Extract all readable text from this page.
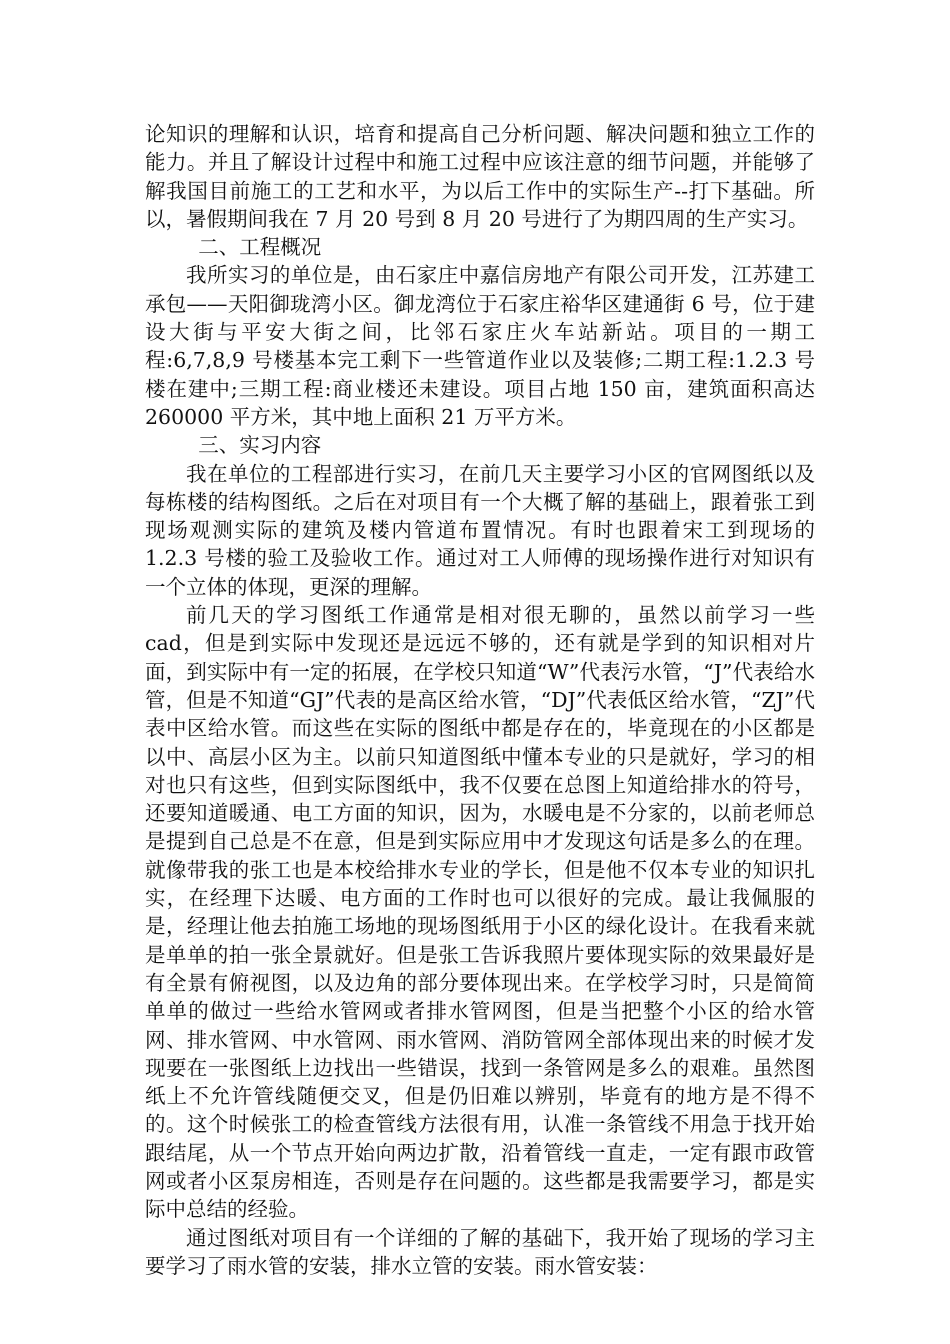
论知识的理解和认识，培育和提高自己分析问题、解决问题和独立工作的能力。并且了解设计过程中和施工过程中应该注意的细节问题，并能够了解我国目前施工的工艺和水平，为以后工作中的实际生产--打下基础。所以，暑假期间我在 7 月 20 号到 8 月 20 号进行了为期四周的生产实习。

二、工程概况

我所实习的单位是，由石家庄中嘉信房地产有限公司开发，江苏建工承包——天阳御珑湾小区。御龙湾位于石家庄裕华区建通街 6 号，位于建设大街与平安大街之间，比邻石家庄火车站新站。项目的一期工程:6,7,8,9 号楼基本完工剩下一些管道作业以及装修;二期工程:1.2.3 号楼在建中;三期工程:商业楼还未建设。项目占地 150 亩，建筑面积高达 260000 平方米，其中地上面积 21 万平方米。

三、实习内容

我在单位的工程部进行实习，在前几天主要学习小区的官网图纸以及每栋楼的结构图纸。之后在对项目有一个大概了解的基础上，跟着张工到现场观测实际的建筑及楼内管道布置情况。有时也跟着宋工到现场的 1.2.3 号楼的验工及验收工作。通过对工人师傅的现场操作进行对知识有一个立体的体现，更深的理解。

前几天的学习图纸工作通常是相对很无聊的，虽然以前学习一些 cad，但是到实际中发现还是远远不够的，还有就是学到的知识相对片面，到实际中有一定的拓展，在学校只知道“W”代表污水管，“J”代表给水管，但是不知道“GJ”代表的是高区给水管，“DJ”代表低区给水管，“ZJ”代表中区给水管。而这些在实际的图纸中都是存在的，毕竟现在的小区都是以中、高层小区为主。以前只知道图纸中懂本专业的只是就好，学习的相对也只有这些，但到实际图纸中，我不仅要在总图上知道给排水的符号，还要知道暖通、电工方面的知识，因为，水暖电是不分家的，以前老师总是提到自己总是不在意，但是到实际应用中才发现这句话是多么的在理。就像带我的张工也是本校给排水专业的学长，但是他不仅本专业的知识扎实，在经理下达暖、电方面的工作时也可以很好的完成。最让我佩服的是，经理让他去拍施工场地的现场图纸用于小区的绿化设计。在我看来就是单单的拍一张全景就好。但是张工告诉我照片要体现实际的效果最好是有全景有俯视图，以及边角的部分要体现出来。在学校学习时，只是简简单单的做过一些给水管网或者排水管网图，但是当把整个小区的给水管网、排水管网、中水管网、雨水管网、消防管网全部体现出来的时候才发现要在一张图纸上边找出一些错误，找到一条管网是多么的艰难。虽然图纸上不允许管线随便交叉，但是仍旧难以辨别，毕竟有的地方是不得不的。这个时候张工的检查管线方法很有用，认准一条管线不用急于找开始跟结尾，从一个节点开始向两边扩散，沿着管线一直走，一定有跟市政管网或者小区泵房相连，否则是存在问题的。这些都是我需要学习，都是实际中总结的经验。

通过图纸对项目有一个详细的了解的基础下，我开始了现场的学习主要学习了雨水管的安装，排水立管的安装。雨水管安装：
